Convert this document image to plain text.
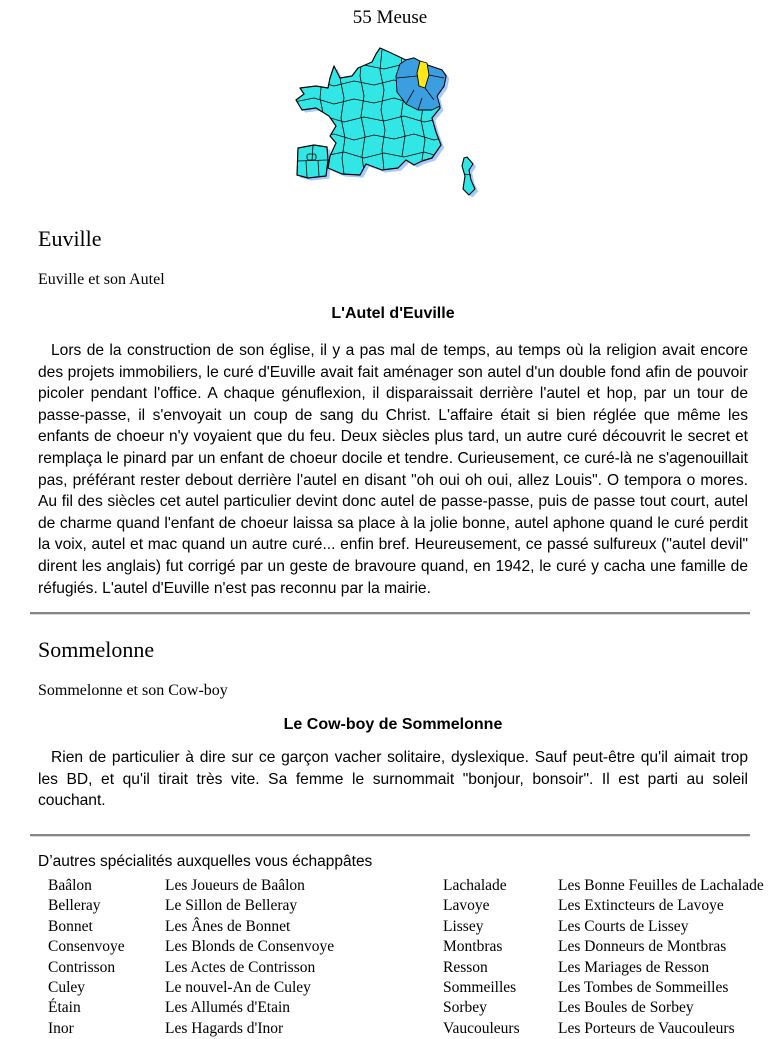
55 Meuse
Euville

Euville et son Autel

L'Autel d'Euville

Lors de la construction de son église, il y a pas mal de temps, au temps où la religion avait encore des projets immobiliers, le curé d'Euville avait fait aménager son autel d'un double fond afin de pouvoir picoler pendant l'office. A chaque génuflexion, il disparaissait derrière l'autel et hop, par un tour de passe-passe, il s'envoyait un coup de sang du Christ. L'affaire était si bien réglée que même les enfants de choeur n'y voyaient que du feu. Deux siècles plus tard, un autre curé découvrit le secret et remplaça le pinard par un enfant de choeur docile et tendre. Curieusement, ce curé-là ne s'agenouillait pas, préférant rester debout derrière l'autel en disant "oh oui oh oui, allez Louis". O tempora o mores. Au fil des siècles cet autel particulier devint donc autel de passe-passe, puis de passe tout court, autel de charme quand l'enfant de choeur laissa sa place à la jolie bonne, autel aphone quand le curé perdit la voix, autel et mac quand un autre curé... enfin bref. Heureusement, ce passé sulfureux ("autel devil" dirent les anglais) fut corrigé par un geste de bravoure quand, en 1942, le curé y cacha une famille de réfugiés. L'autel d'Euville n'est pas reconnu par la mairie.

Sommelonne

Sommelonne et son Cow-boy

Le Cow-boy de Sommelonne

Rien de particulier à dire sur ce garçon vacher solitaire, dyslexique. Sauf peut-être qu'il aimait trop les BD, et qu'il tirait très vite. Sa femme le surnommait "bonjour, bonsoir". Il est parti au soleil couchant.

D’autres spécialités auxquelles vous échappâtes

Baâlon	Les Joueurs de Baâlon	Lachalade	Les Bonne Feuilles de Lachalade
Belleray	Le Sillon de Belleray	Lavoye	Les Extincteurs de Lavoye
Bonnet	Les Ânes de Bonnet	Lissey	Les Courts de Lissey
Consenvoye	Les Blonds de Consenvoye	Montbras	Les Donneurs de Montbras
Contrisson	Les Actes de Contrisson	Resson	Les Mariages de Resson
Culey	Le nouvel-An de Culey	Sommeilles	Les Tombes de Sommeilles
Étain	Les Allumés d'Etain	Sorbey	Les Boules de Sorbey
Inor	Les Hagards d'Inor	Vaucouleurs	Les Porteurs de Vaucouleurs
